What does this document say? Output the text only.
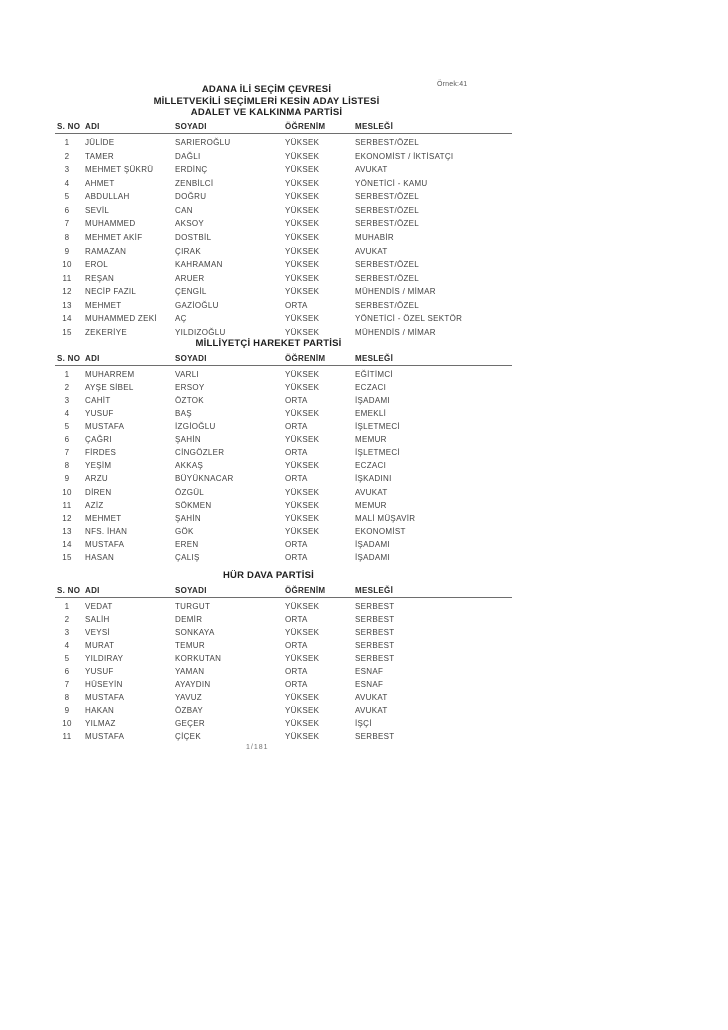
Örnek:41
ADANA İLİ SEÇİM ÇEVRESİ
MİLLETVEKİLİ SEÇİMLERİ KESİN ADAY LİSTESİ
ADALET VE KALKINMA PARTİSİ
S. NO ADI	SOYADI	ÖĞRENİM	MESLEĞİ
1	JÜLİDE	SARIEROĞLU	YÜKSEK	SERBEST/ÖZEL
2	TAMER	DAĞLI	YÜKSEK	EKONOMİST / İKTİSATÇI
3	MEHMET ŞÜKRÜ	ERDİNÇ	YÜKSEK	AVUKAT
4	AHMET	ZENBİLCİ	YÜKSEK	YÖNETİCİ - KAMU
5	ABDULLAH	DOĞRU	YÜKSEK	SERBEST/ÖZEL
6	SEVİL	CAN	YÜKSEK	SERBEST/ÖZEL
7	MUHAMMED	AKSOY	YÜKSEK	SERBEST/ÖZEL
8	MEHMET AKİF	DOSTBİL	YÜKSEK	MUHABİR
9	RAMAZAN	ÇIRAK	YÜKSEK	AVUKAT
10	EROL	KAHRAMAN	YÜKSEK	SERBEST/ÖZEL
11	REŞAN	ARUER	YÜKSEK	SERBEST/ÖZEL
12	NECİP FAZIL	ÇENGİL	YÜKSEK	MÜHENDİS / MİMAR
13	MEHMET	GAZİOĞLU	ORTA	SERBEST/ÖZEL
14	MUHAMMED ZEKİ	AÇ	YÜKSEK	YÖNETİCİ - ÖZEL SEKTÖR
15	ZEKERİYE	YILDIZOĞLU	YÜKSEK	MÜHENDİS / MİMAR
MİLLİYETÇİ HAREKET PARTİSİ
S. NO ADI	SOYADI	ÖĞRENİM	MESLEĞİ
1	MUHARREM	VARLI	YÜKSEK	EĞİTİMCİ
2	AYŞE SİBEL	ERSOY	YÜKSEK	ECZACI
3	CAHİT	ÖZTOK	ORTA	İŞADAMI
4	YUSUF	BAŞ	YÜKSEK	EMEKLİ
5	MUSTAFA	İZGİOĞLU	ORTA	İŞLETMECİ
6	ÇAĞRI	ŞAHİN	YÜKSEK	MEMUR
7	FİRDES	CİNGÖZLER	ORTA	İŞLETMECİ
8	YEŞİM	AKKAŞ	YÜKSEK	ECZACI
9	ARZU	BÜYÜKNACAR	ORTA	İŞKADINI
10	DİREN	ÖZGÜL	YÜKSEK	AVUKAT
11	AZİZ	SÖKMEN	YÜKSEK	MEMUR
12	MEHMET	ŞAHİN	YÜKSEK	MALİ MÜŞAVİR
13	NFS. İHAN	GÖK	YÜKSEK	EKONOMİST
14	MUSTAFA	EREN	ORTA	İŞADAMI
15	HASAN	ÇALIŞ	ORTA	İŞADAMI
HÜR DAVA PARTİSİ
S. NO ADI	SOYADI	ÖĞRENİM	MESLEĞİ
1	VEDAT	TURGUT	YÜKSEK	SERBEST
2	SALİH	DEMİR	ORTA	SERBEST
3	VEYSİ	SONKAYA	YÜKSEK	SERBEST
4	MURAT	TEMUR	ORTA	SERBEST
5	YILDIRAY	KORKUTAN	YÜKSEK	SERBEST
6	YUSUF	YAMAN	ORTA	ESNAF
7	HÜSEYİN	AYAYDIN	ORTA	ESNAF
8	MUSTAFA	YAVUZ	YÜKSEK	AVUKAT
9	HAKAN	ÖZBAY	YÜKSEK	AVUKAT
10	YILMAZ	GEÇER	YÜKSEK	İŞÇİ
11	MUSTAFA	ÇİÇEK	YÜKSEK	SERBEST
1/181
